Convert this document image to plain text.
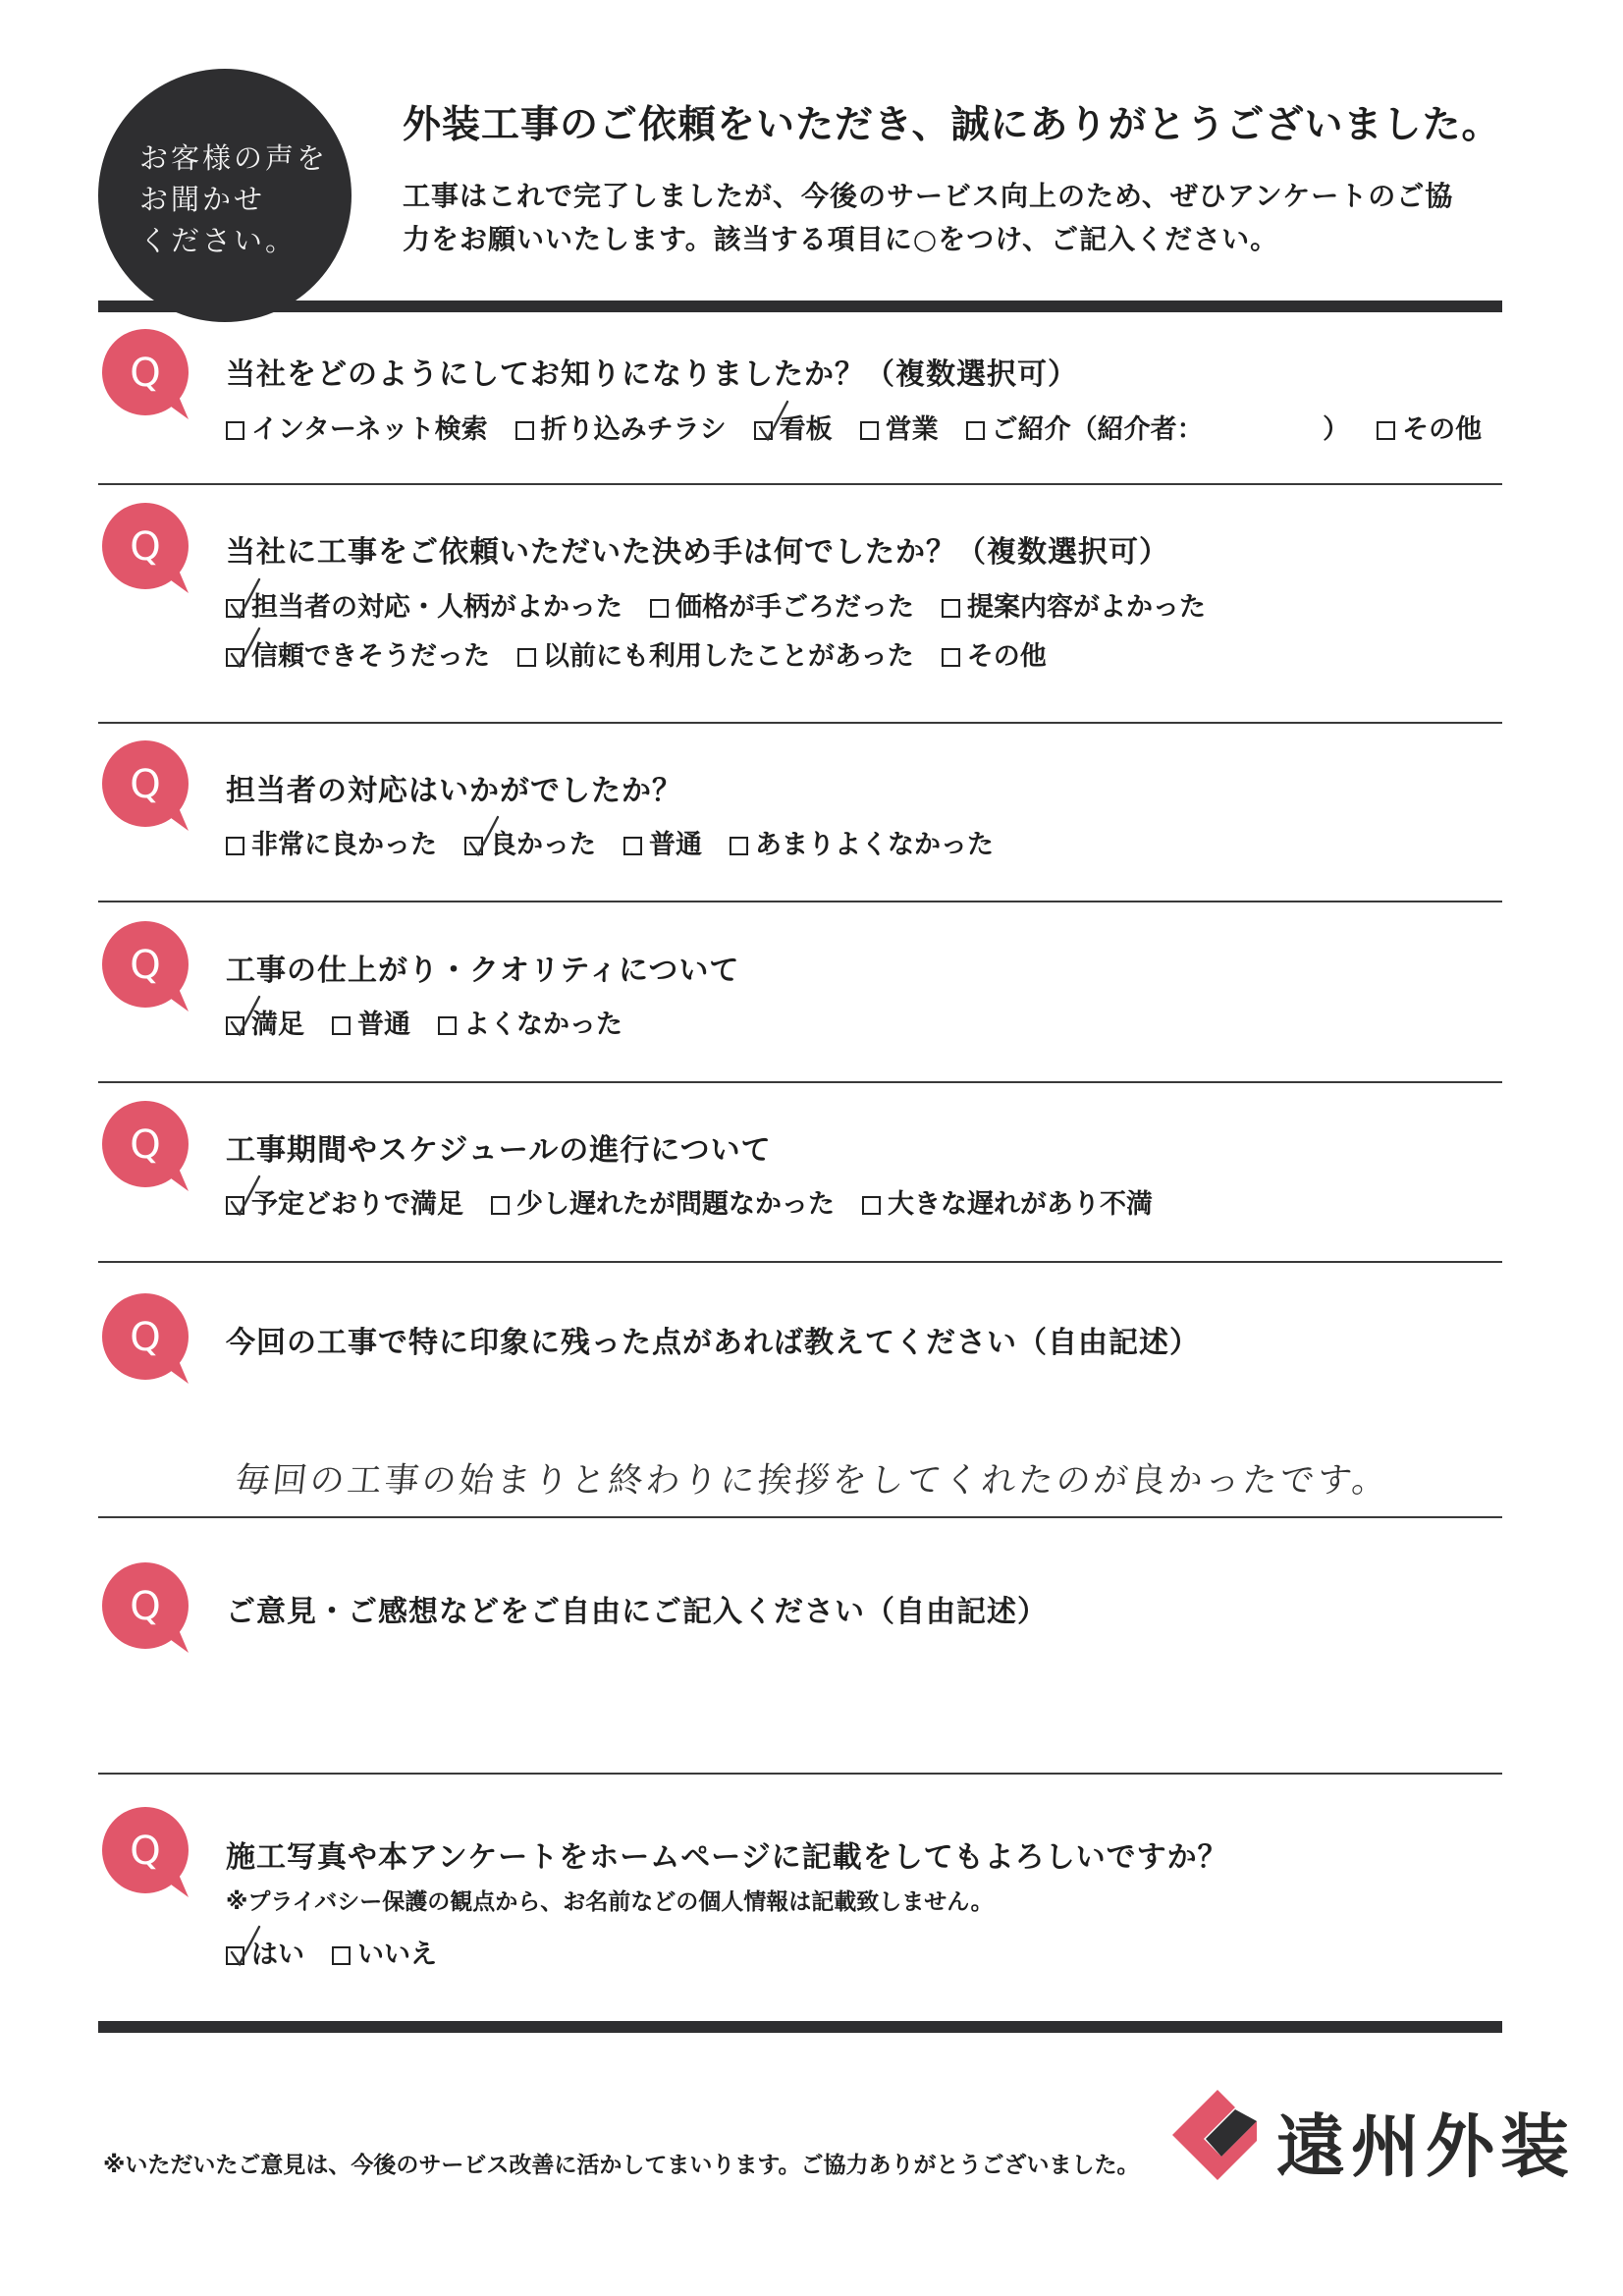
お客様の声を
お聞かせ
ください。
外装工事のご依頼をいただき、誠にありがとうございました。
工事はこれで完了しましたが、今後のサービス向上のため、ぜひアンケートのご協
力をお願いいたします。該当する項目に○をつけ、ご記入ください。
Q 当社をどのようにしてお知りになりましたか？（複数選択可）
インターネット検索 折り込みチラシ 看板 営業 ご紹介（紹介者：　　　　　） その他
Q 当社に工事をご依頼いただいた決め手は何でしたか？（複数選択可）
担当者の対応・人柄がよかった 価格が手ごろだった 提案内容がよかった
信頼できそうだった 以前にも利用したことがあった その他
Q 担当者の対応はいかがでしたか？
非常に良かった 良かった 普通 あまりよくなかった
Q 工事の仕上がり・クオリティについて
満足 普通 よくなかった
Q 工事期間やスケジュールの進行について
予定どおりで満足 少し遅れたが問題なかった 大きな遅れがあり不満
Q 今回の工事で特に印象に残った点があれば教えてください（自由記述）
毎回の工事の始まりと終わりに挨拶をしてくれたのが良かったです。
Q ご意見・ご感想などをご自由にご記入ください（自由記述）
Q 施工写真や本アンケートをホームページに記載をしてもよろしいですか？
※プライバシー保護の観点から、お名前などの個人情報は記載致しません。
はい いいえ
※いただいたご意見は、今後のサービス改善に活かしてまいります。ご協力ありがとうございました。 遠州外装
